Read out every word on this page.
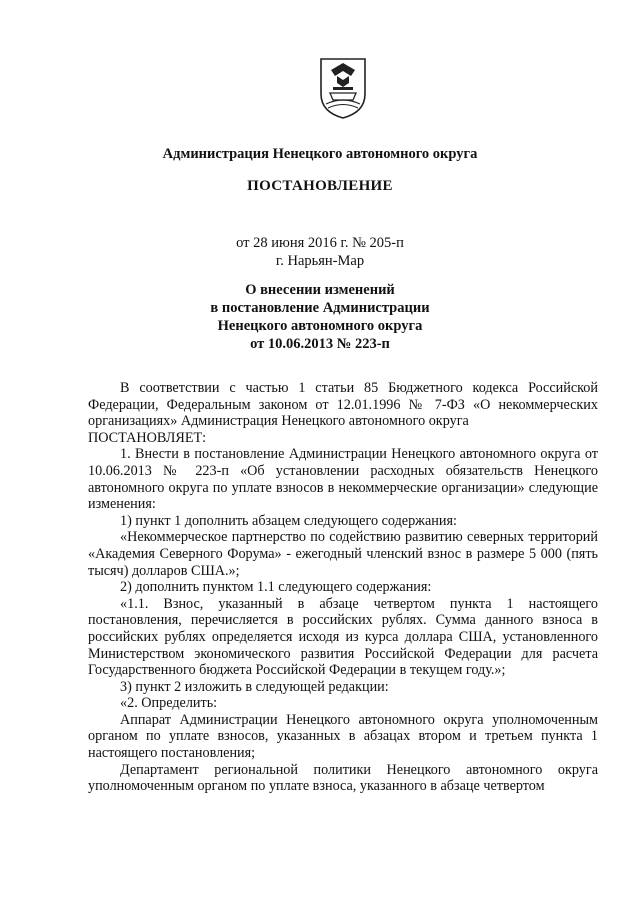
Администрация Ненецкого автономного округа
ПОСТАНОВЛЕНИЕ
от 28 июня 2016 г. № 205-п
г. Нарьян-Мар
О внесении изменений
в постановление Администрации
Ненецкого автономного округа
от 10.06.2013 № 223-п

В соответствии с частью 1 статьи 85 Бюджетного кодекса Российской Федерации, Федеральным законом от 12.01.1996 № 7-ФЗ «О некоммерческих организациях» Администрация Ненецкого автономного округа

ПОСТАНОВЛЯЕТ:

1. Внести в постановление Администрации Ненецкого автономного округа от 10.06.2013 № 223-п «Об установлении расходных обязательств Ненецкого автономного округа по уплате взносов в некоммерческие организации» следующие изменения:

1) пункт 1 дополнить абзацем следующего содержания:

«Некоммерческое партнерство по содействию развитию северных территорий «Академия Северного Форума» - ежегодный членский взнос в размере 5 000 (пять тысяч) долларов США.»;

2) дополнить пунктом 1.1 следующего содержания:

«1.1. Взнос, указанный в абзаце четвертом пункта 1 настоящего постановления, перечисляется в российских рублях. Сумма данного взноса в российских рублях определяется исходя из курса доллара США, установленного Министерством экономического развития Российской Федерации для расчета Государственного бюджета Российской Федерации в текущем году.»;

3) пункт 2 изложить в следующей редакции:

«2. Определить:

Аппарат Администрации Ненецкого автономного округа уполномоченным органом по уплате взносов, указанных в абзацах втором и третьем пункта 1 настоящего постановления;

Департамент региональной политики Ненецкого автономного округа уполномоченным органом по уплате взноса, указанного в абзаце четвертом
